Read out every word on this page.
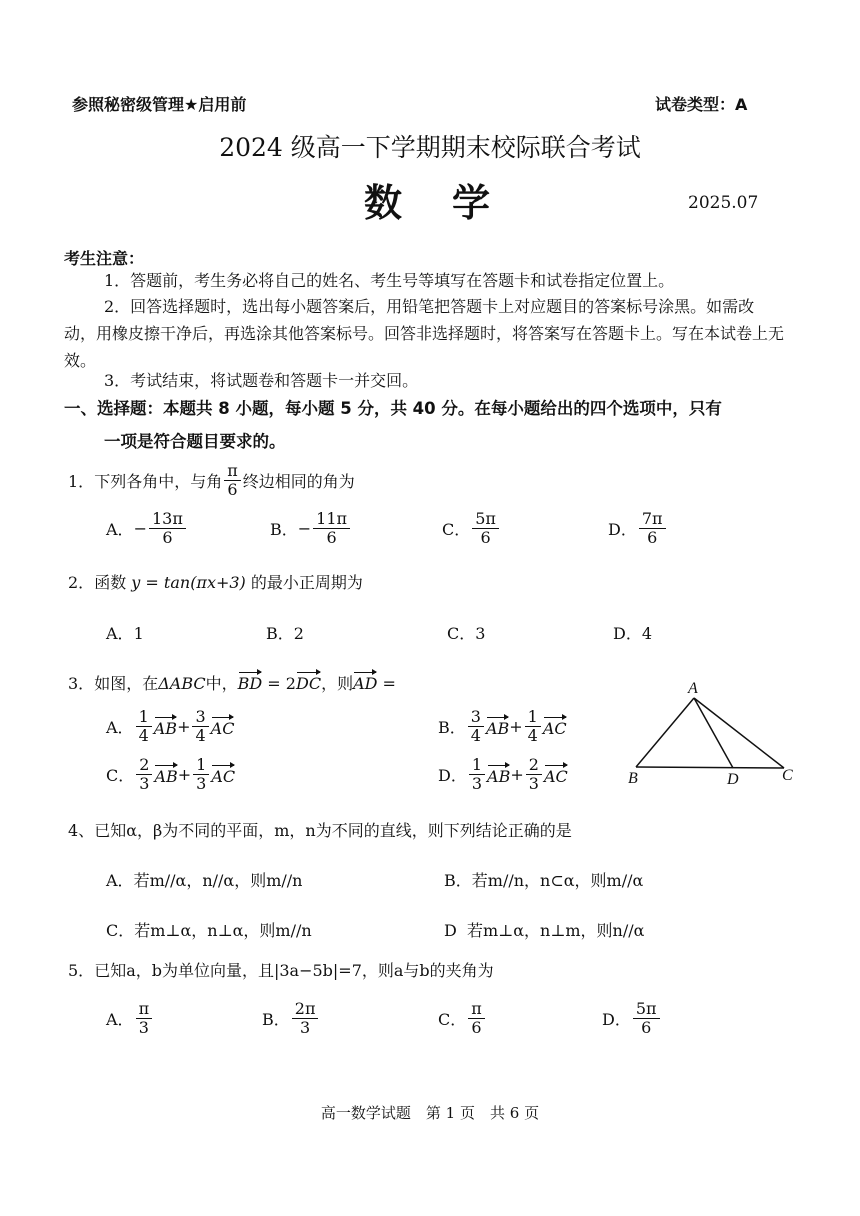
参照秘密级管理★启用前	试卷类型：A
2024 级高一下学期期末校际联合考试
数　学	2025.07
考生注意：
1．答题前，考生务必将自己的姓名、考生号等填写在答题卡和试卷指定位置上。
2．回答选择题时，选出每小题答案后，用铅笔把答题卡上对应题目的答案标号涂黑。如需改动，用橡皮擦干净后，再选涂其他答案标号。回答非选择题时，将答案写在答题卡上。写在本试卷上无效。
3．考试结束，将试题卷和答题卡一并交回。
一、选择题：本题共 8 小题，每小题 5 分，共 40 分。在每小题给出的四个选项中，只有
一项是符合题目要求的。
1． 下列各角中，与角 $\frac{\pi}{6}$ 终边相同的角为
A． − $\frac{13\pi}{6}$	B． − $\frac{11\pi}{6}$	C． $\frac{5\pi}{6}$	D． $\frac{7\pi}{6}$
2．函数 y = tan(πx+3) 的最小正周期为
A．1	B．2	C．3	D．4
3．如图，在ΔABC中，BD = 2DC，则AD =
A． $\frac{1}{4}$ AB + $\frac{3}{4}$ AC	B． $\frac{3}{4}$ AB + $\frac{1}{4}$ AC
C． $\frac{2}{3}$ AB + $\frac{1}{3}$ AC	D． $\frac{1}{3}$ AB + $\frac{2}{3}$ AC
A
B	D	C
4、已知α，β为不同的平面，m，n为不同的直线，则下列结论正确的是
A．若m//α，n//α，则m//n	B．若m//n，n⊂α，则m//α
C．若m⊥α，n⊥α，则m//n	D 若m⊥α，n⊥m，则n//α
5．已知a，b为单位向量，且|3a−5b|=7，则a与b的夹角为
A． $\frac{\pi}{3}$	B． $\frac{2\pi}{3}$	C． $\frac{\pi}{6}$	D． $\frac{5\pi}{6}$
高一数学试题　第 1 页　共 6 页
